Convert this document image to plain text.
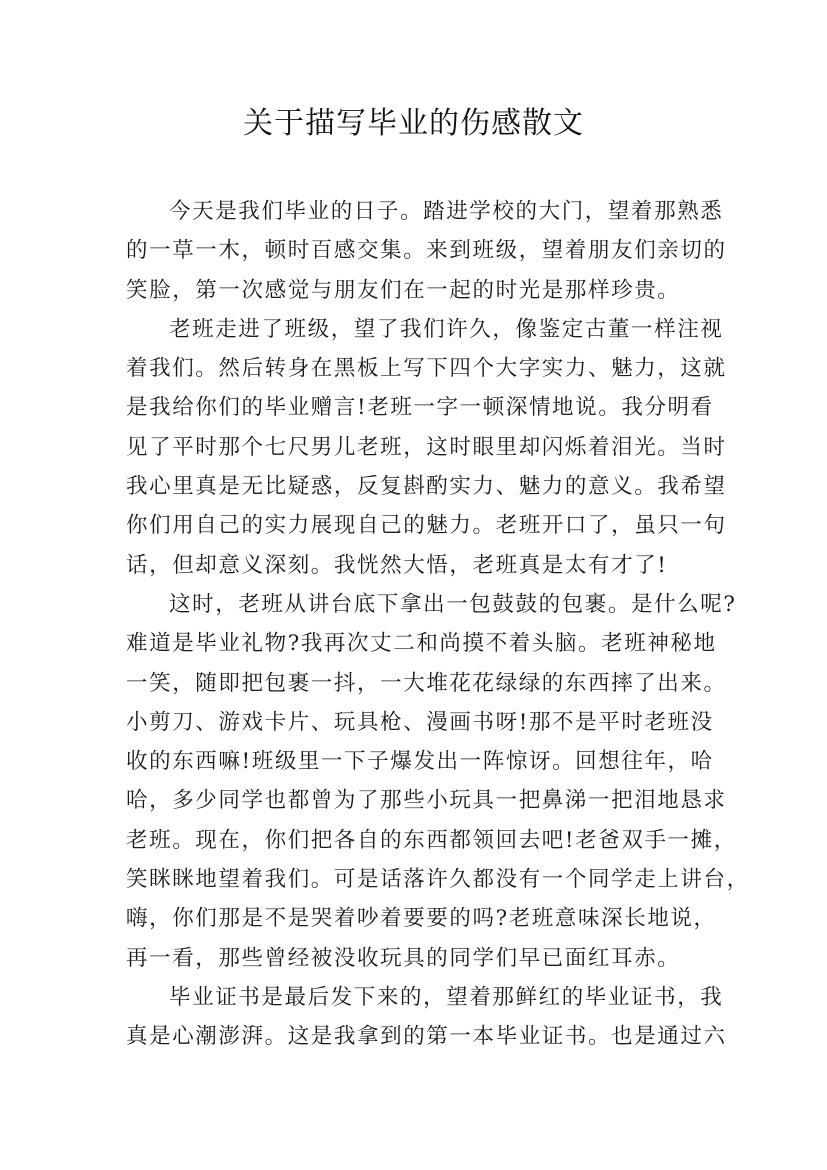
关于描写毕业的伤感散文
今天是我们毕业的日子。踏进学校的大门，望着那熟悉
的一草一木，顿时百感交集。来到班级，望着朋友们亲切的
笑脸，第一次感觉与朋友们在一起的时光是那样珍贵。
老班走进了班级，望了我们许久，像鉴定古董一样注视
着我们。然后转身在黑板上写下四个大字实力、魅力，这就
是我给你们的毕业赠言!老班一字一顿深情地说。我分明看
见了平时那个七尺男儿老班，这时眼里却闪烁着泪光。当时
我心里真是无比疑惑，反复斟酌实力、魅力的意义。我希望
你们用自己的实力展现自己的魅力。老班开口了，虽只一句
话，但却意义深刻。我恍然大悟，老班真是太有才了!
这时，老班从讲台底下拿出一包鼓鼓的包裹。是什么呢?
难道是毕业礼物?我再次丈二和尚摸不着头脑。老班神秘地
一笑，随即把包裹一抖，一大堆花花绿绿的东西摔了出来。
小剪刀、游戏卡片、玩具枪、漫画书呀!那不是平时老班没
收的东西嘛!班级里一下子爆发出一阵惊讶。回想往年，哈
哈，多少同学也都曾为了那些小玩具一把鼻涕一把泪地恳求
老班。现在，你们把各自的东西都领回去吧!老爸双手一摊，
笑眯眯地望着我们。可是话落许久都没有一个同学走上讲台，
嗨，你们那是不是哭着吵着要要的吗?老班意味深长地说，
再一看，那些曾经被没收玩具的同学们早已面红耳赤。
毕业证书是最后发下来的，望着那鲜红的毕业证书，我
真是心潮澎湃。这是我拿到的第一本毕业证书。也是通过六
